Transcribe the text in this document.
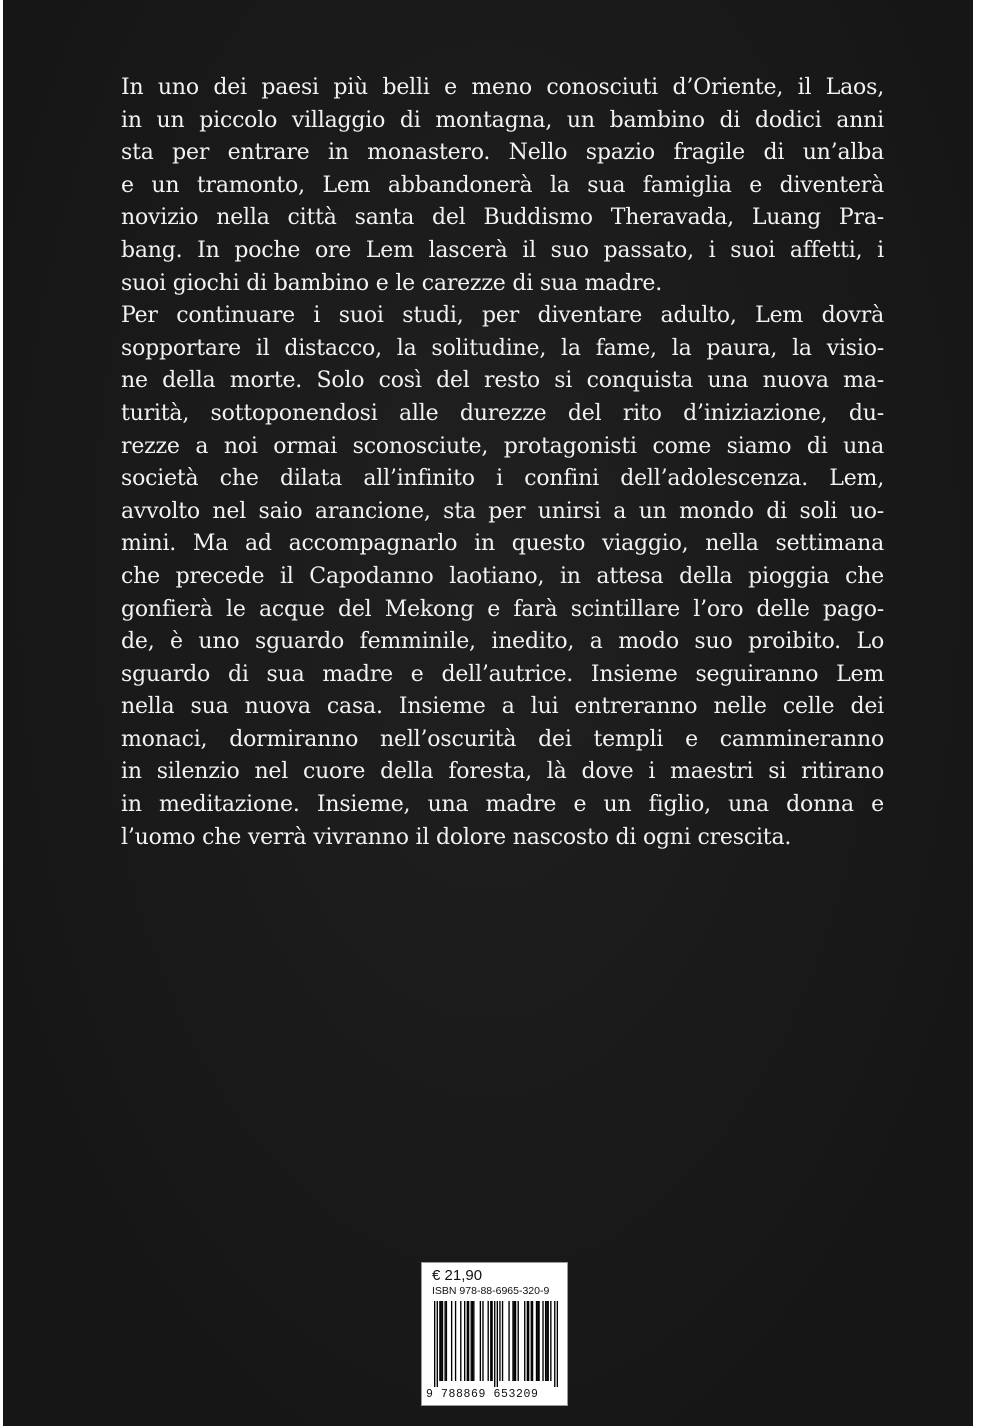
In uno dei paesi più belli e meno conosciuti d’Oriente, il Laos,
in un piccolo villaggio di montagna, un bambino di dodici anni
sta per entrare in monastero. Nello spazio fragile di un’alba
e un tramonto, Lem abbandonerà la sua famiglia e diventerà
novizio nella città santa del Buddismo Theravada, Luang Pra-
bang. In poche ore Lem lascerà il suo passato, i suoi affetti, i
suoi giochi di bambino e le carezze di sua madre.
Per continuare i suoi studi, per diventare adulto, Lem dovrà
sopportare il distacco, la solitudine, la fame, la paura, la visio-
ne della morte. Solo così del resto si conquista una nuova ma-
turità, sottoponendosi alle durezze del rito d’iniziazione, du-
rezze a noi ormai sconosciute, protagonisti come siamo di una
società che dilata all’infinito i confini dell’adolescenza. Lem,
avvolto nel saio arancione, sta per unirsi a un mondo di soli uo-
mini. Ma ad accompagnarlo in questo viaggio, nella settimana
che precede il Capodanno laotiano, in attesa della pioggia che
gonfierà le acque del Mekong e farà scintillare l’oro delle pago-
de, è uno sguardo femminile, inedito, a modo suo proibito. Lo
sguardo di sua madre e dell’autrice. Insieme seguiranno Lem
nella sua nuova casa. Insieme a lui entreranno nelle celle dei
monaci, dormiranno nell’oscurità dei templi e cammineranno
in silenzio nel cuore della foresta, là dove i maestri si ritirano
in meditazione. Insieme, una madre e un figlio, una donna e
l’uomo che verrà vivranno il dolore nascosto di ogni crescita.
€ 21,90
ISBN 978-88-6965-320-9
9 788869 653209
